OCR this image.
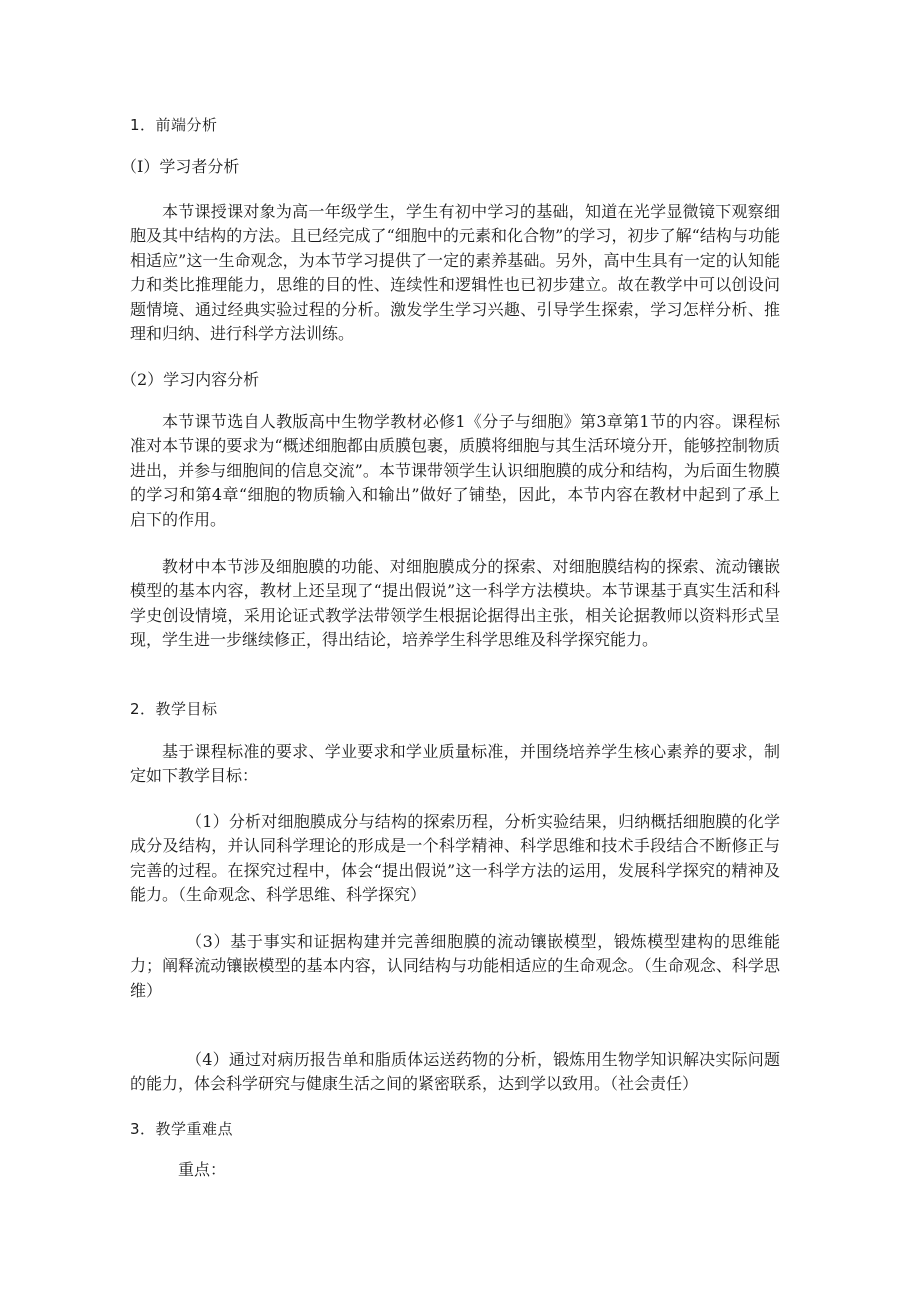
1．前端分析

（I）学习者分析

本节课授课对象为高一年级学生，学生有初中学习的基础，知道在光学显微镜下观察细胞及其中结构的方法。且已经完成了“细胞中的元素和化合物”的学习，初步了解“结构与功能相适应”这一生命观念，为本节学习提供了一定的素养基础。另外，高中生具有一定的认知能力和类比推理能力，思维的目的性、连续性和逻辑性也已初步建立。故在教学中可以创设问题情境、通过经典实验过程的分析。激发学生学习兴趣、引导学生探索，学习怎样分析、推理和归纳、进行科学方法训练。

（2）学习内容分析

本节课节选自人教版高中生物学教材必修1《分子与细胞》第3章第1节的内容。课程标准对本节课的要求为“概述细胞都由质膜包裹，质膜将细胞与其生活环境分开，能够控制物质进出，并参与细胞间的信息交流”。本节课带领学生认识细胞膜的成分和结构，为后面生物膜的学习和第4章“细胞的物质输入和输出”做好了铺垫，因此，本节内容在教材中起到了承上启下的作用。

教材中本节涉及细胞膜的功能、对细胞膜成分的探索、对细胞膜结构的探索、流动镶嵌模型的基本内容，教材上还呈现了“提出假说”这一科学方法模块。本节课基于真实生活和科学史创设情境，采用论证式教学法带领学生根据论据得出主张，相关论据教师以资料形式呈现，学生进一步继续修正，得出结论，培养学生科学思维及科学探究能力。

2．教学目标

基于课程标准的要求、学业要求和学业质量标准，并围绕培养学生核心素养的要求，制定如下教学目标：

（1）分析对细胞膜成分与结构的探索历程，分析实验结果，归纳概括细胞膜的化学成分及结构，并认同科学理论的形成是一个科学精神、科学思维和技术手段结合不断修正与完善的过程。在探究过程中，体会“提出假说”这一科学方法的运用，发展科学探究的精神及能力。（生命观念、科学思维、科学探究）

（3）基于事实和证据构建并完善细胞膜的流动镶嵌模型，锻炼模型建构的思维能力；阐释流动镶嵌模型的基本内容，认同结构与功能相适应的生命观念。（生命观念、科学思维）

（4）通过对病历报告单和脂质体运送药物的分析，锻炼用生物学知识解决实际问题的能力，体会科学研究与健康生活之间的紧密联系，达到学以致用。（社会责任）

3．教学重难点

重点：
